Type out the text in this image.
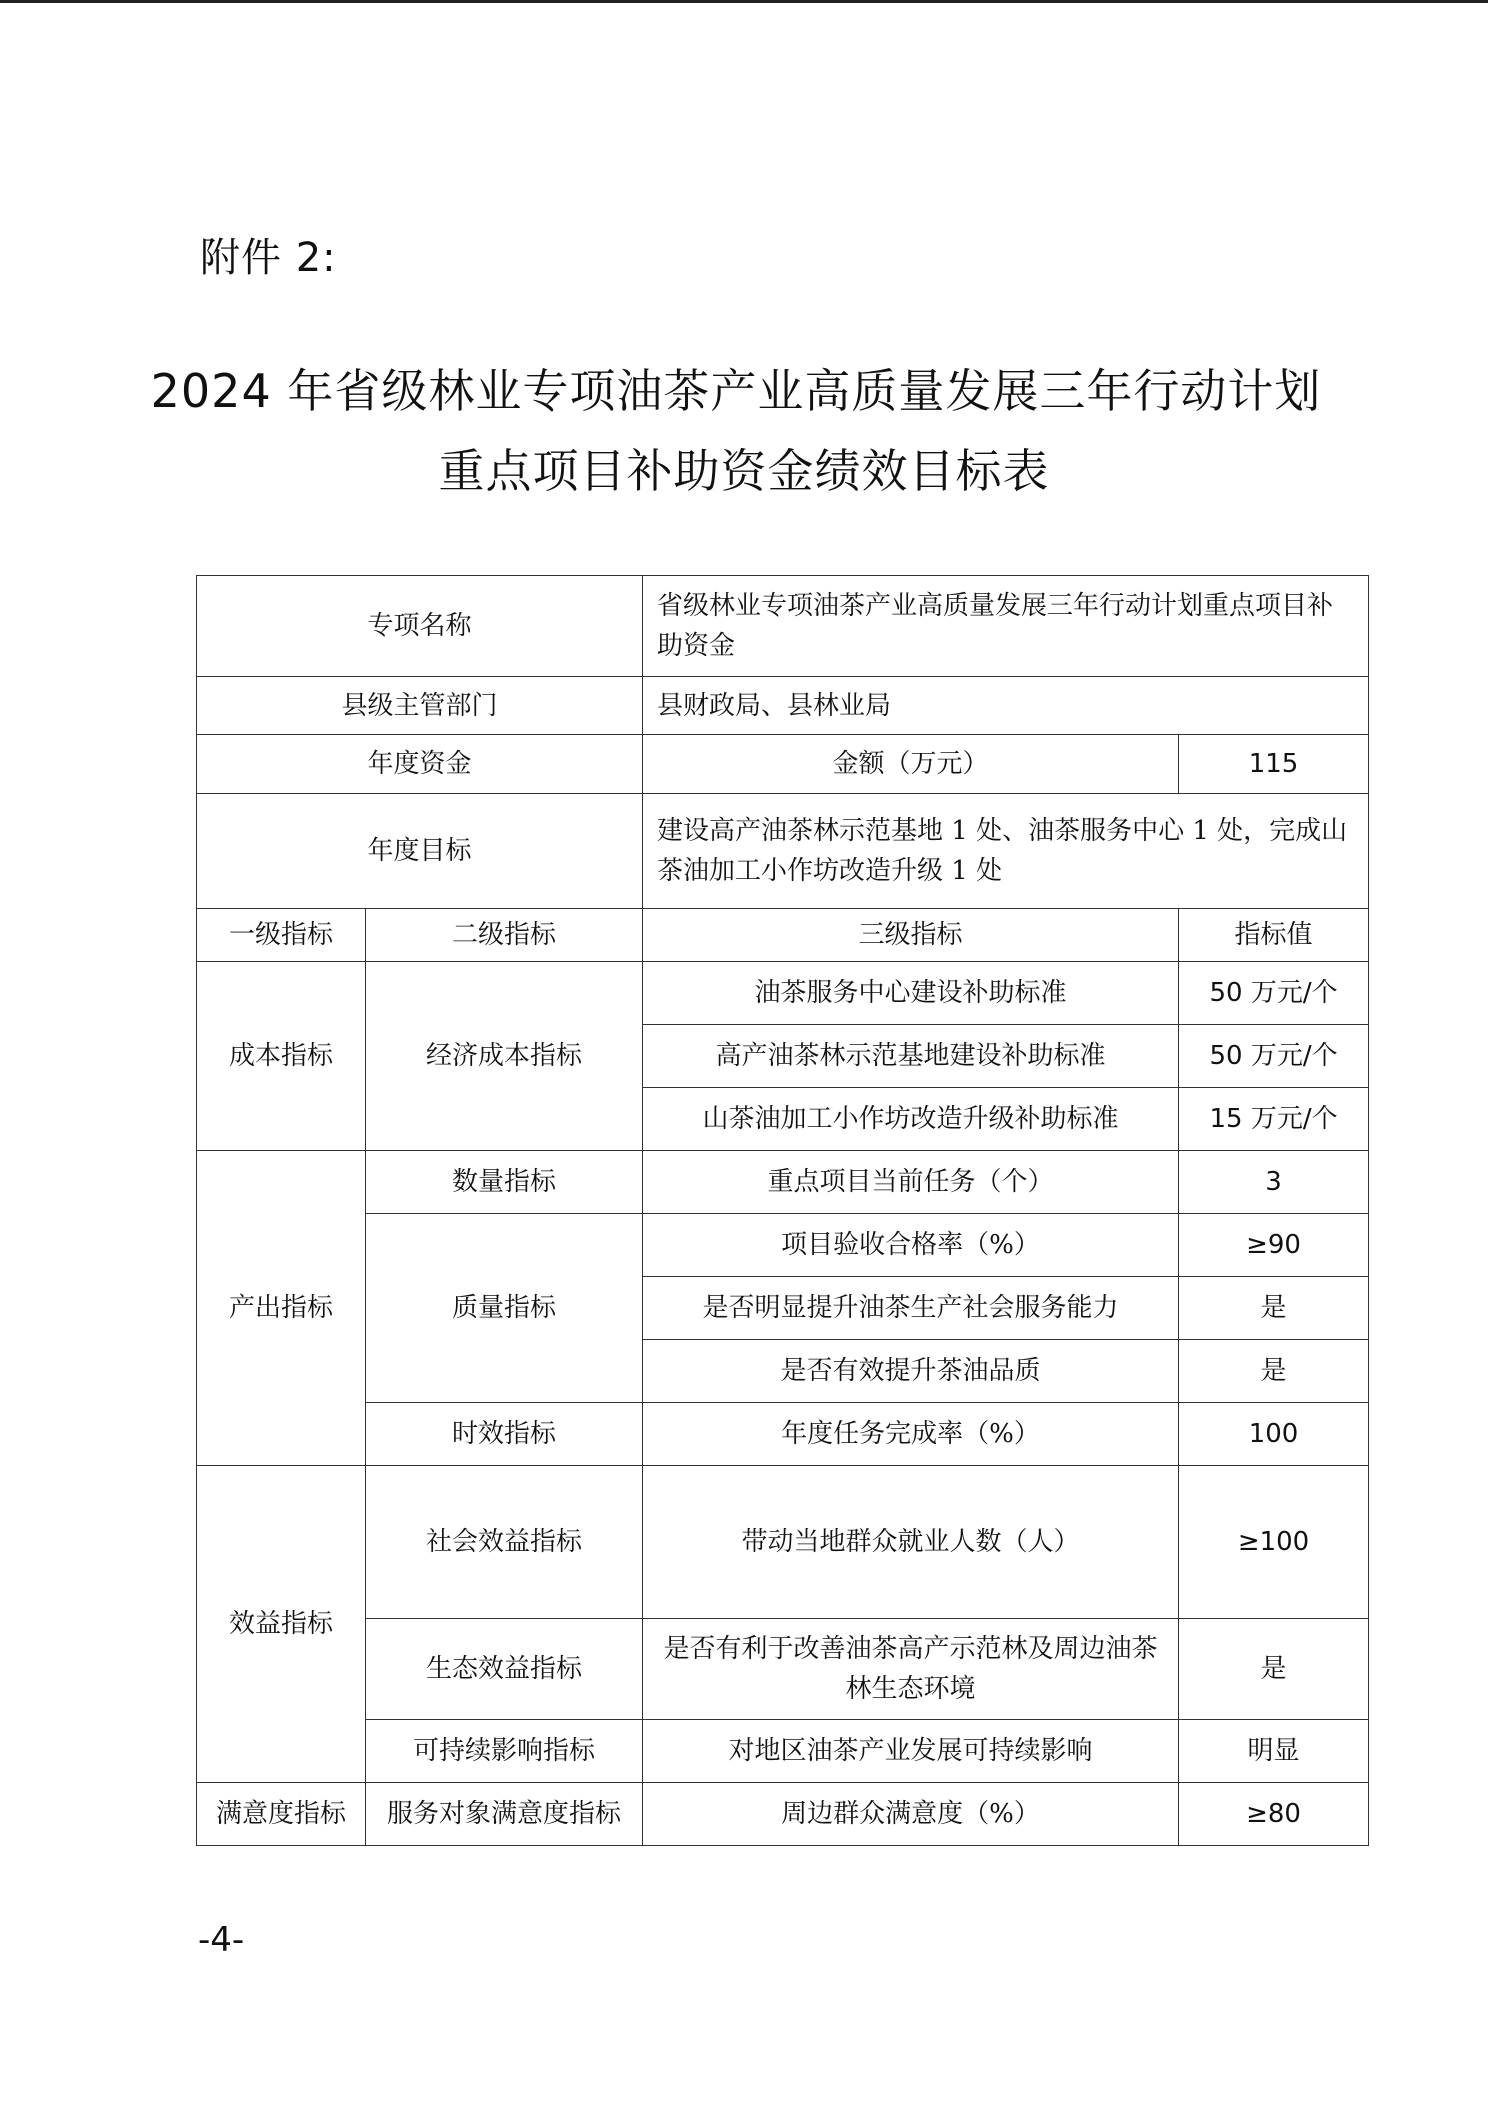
附件 2:
2024 年省级林业专项油茶产业高质量发展三年行动计划
重点项目补助资金绩效目标表
专项名称		省级林业专项油茶产业高质量发展三年行动计划重点项目补助资金	
县级主管部门		县财政局、县林业局	
年度资金		金额（万元）	115
年度目标		建设高产油茶林示范基地 1 处、油茶服务中心 1 处，完成山茶油加工小作坊改造升级 1 处	
一级指标	二级指标	三级指标	指标值
成本指标	经济成本指标	油茶服务中心建设补助标准	50 万元/个
		高产油茶林示范基地建设补助标准	50 万元/个
		山茶油加工小作坊改造升级补助标准	15 万元/个
产出指标	数量指标	重点项目当前任务（个）	3
	质量指标	项目验收合格率（%）	≥90
		是否明显提升油茶生产社会服务能力	是
		是否有效提升茶油品质	是
	时效指标	年度任务完成率（%）	100
效益指标	社会效益指标	带动当地群众就业人数（人）	≥100
	生态效益指标	是否有利于改善油茶高产示范林及周边油茶林生态环境	是
	可持续影响指标	对地区油茶产业发展可持续影响	明显
满意度指标	服务对象满意度指标	周边群众满意度（%）	≥80
-4-
